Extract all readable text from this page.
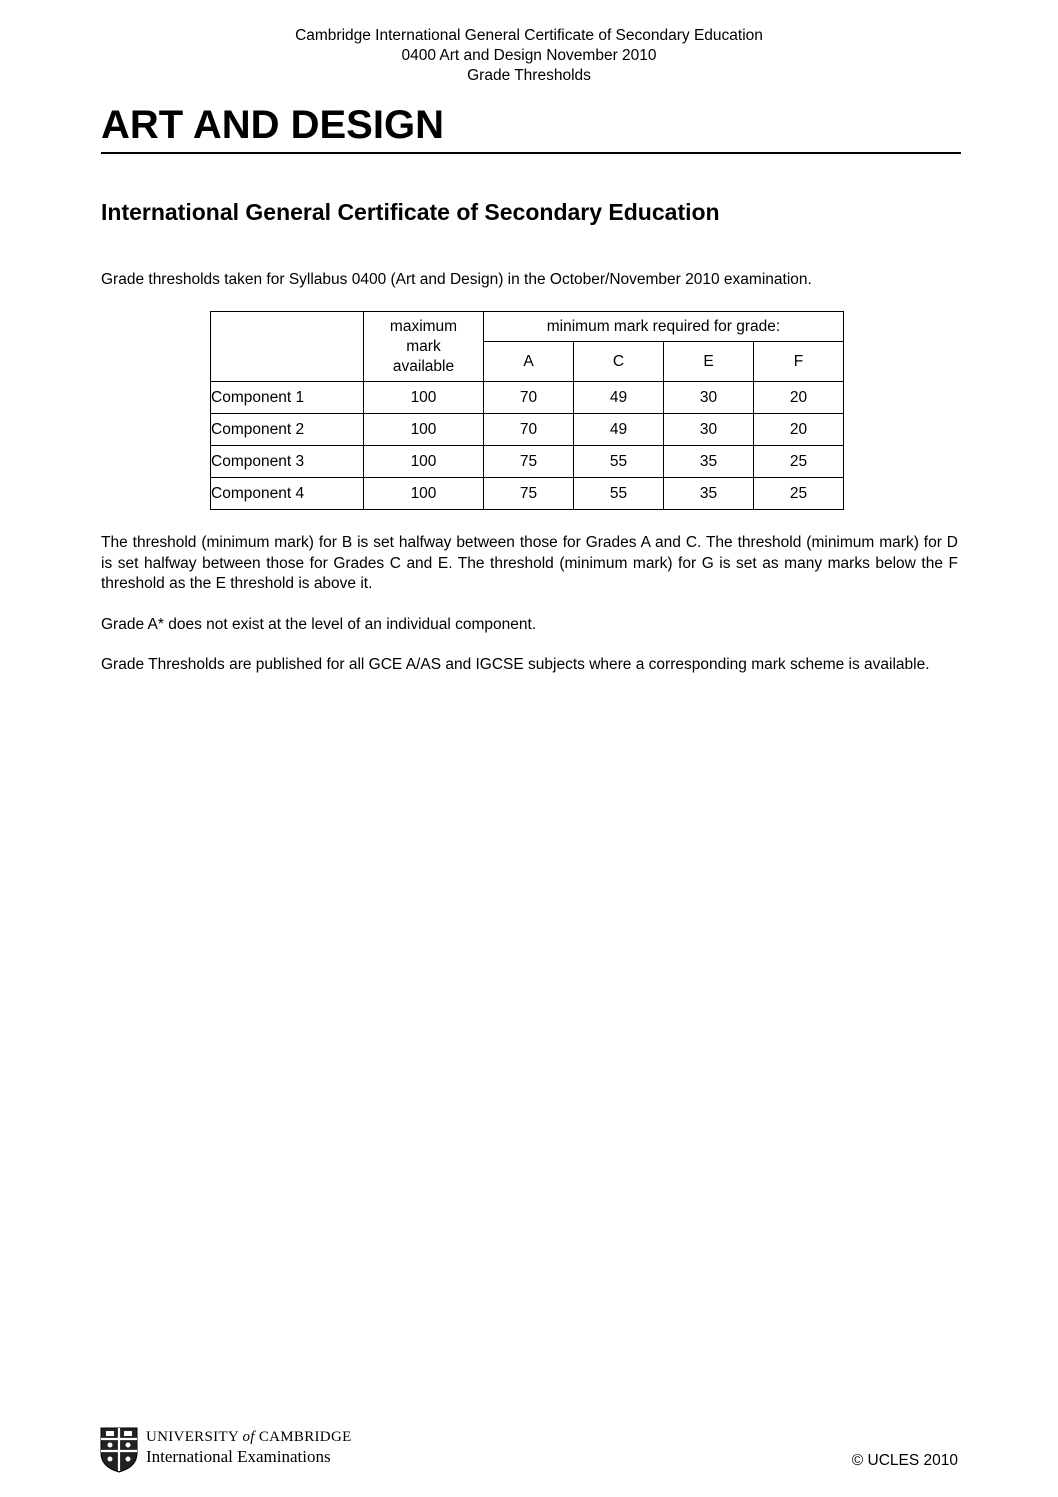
Cambridge International General Certificate of Secondary Education
0400 Art and Design November 2010
Grade Thresholds
ART AND DESIGN
International General Certificate of Secondary Education

Grade thresholds taken for Syllabus 0400 (Art and Design) in the October/November 2010 examination.

	maximum
mark
available	minimum mark required for grade:			
		A	C	E	F
Component 1	100	70	49	30	20
Component 2	100	70	49	30	20
Component 3	100	75	55	35	25
Component 4	100	75	55	35	25

The threshold (minimum mark) for B is set halfway between those for Grades A and C. The threshold (minimum mark) for D is set halfway between those for Grades C and E. The threshold (minimum mark) for G is set as many marks below the F threshold as the E threshold is above it.

Grade A* does not exist at the level of an individual component.

Grade Thresholds are published for all GCE A/AS and IGCSE subjects where a corresponding mark scheme is available.

UNIVERSITY of CAMBRIDGE
International Examinations	© UCLES 2010
